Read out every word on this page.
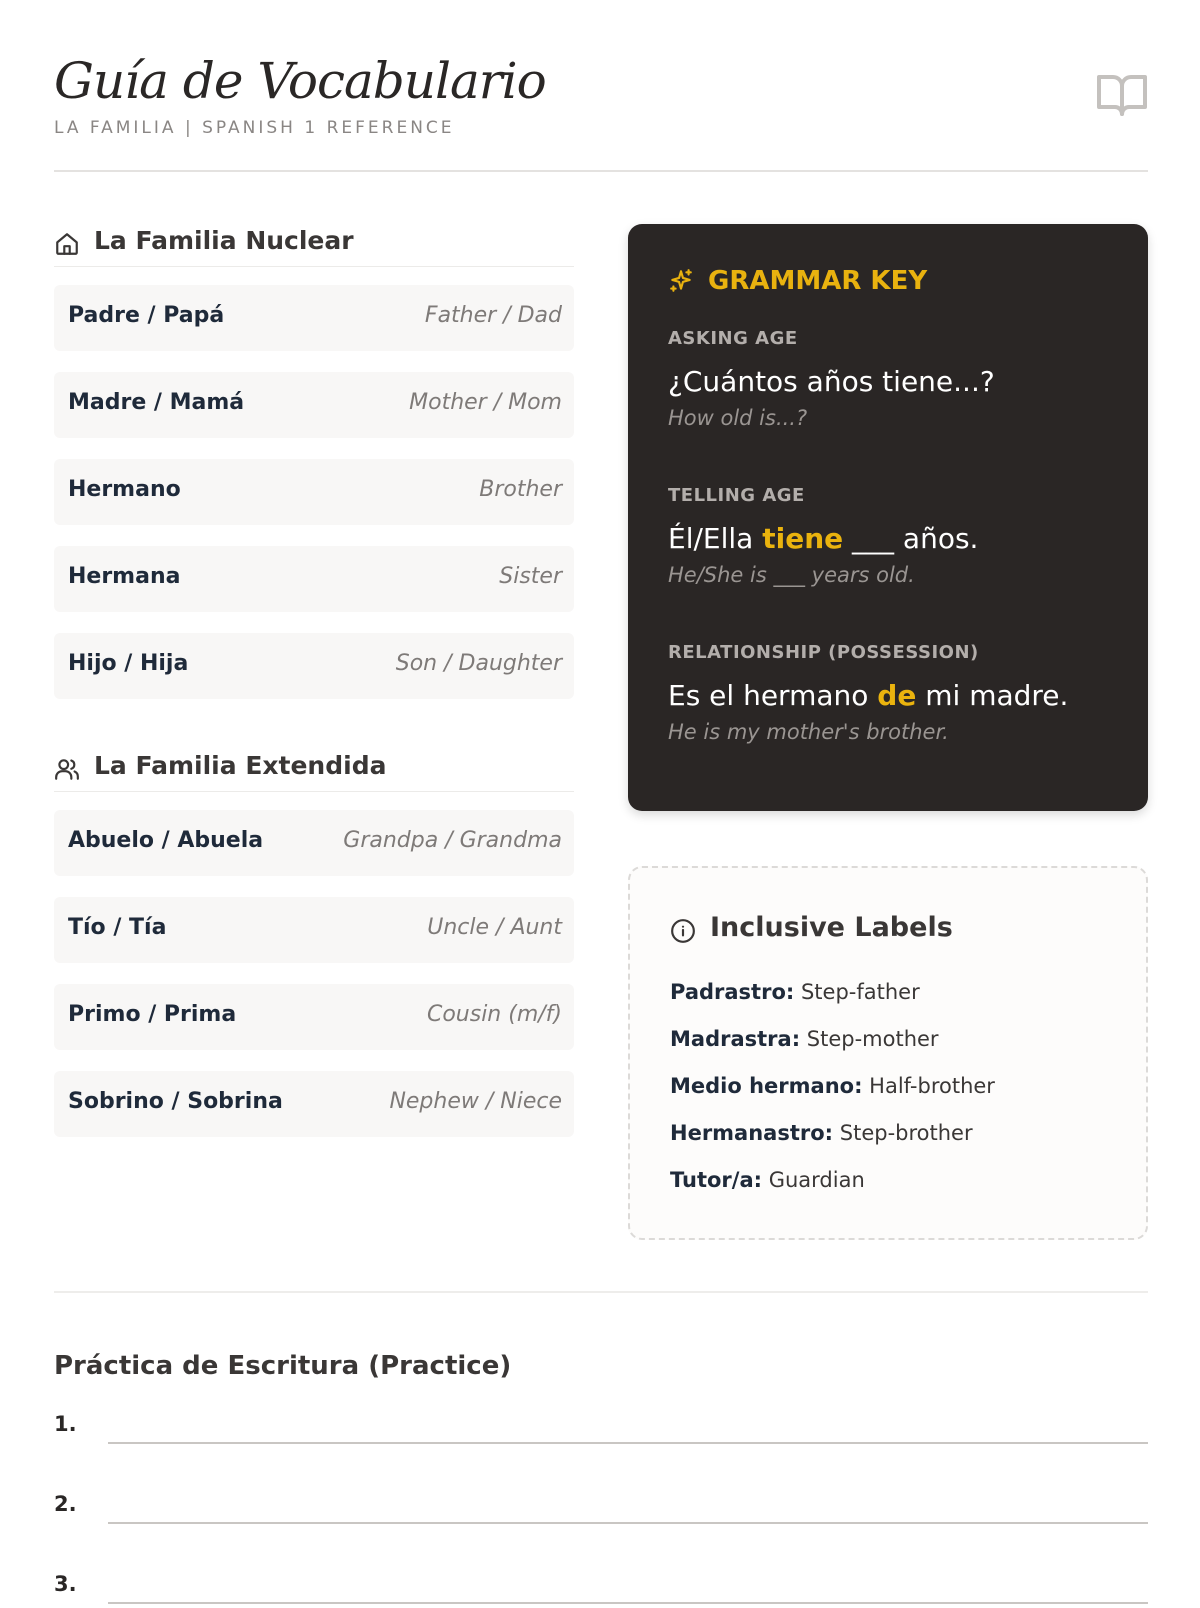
Guía de Vocabulario
LA FAMILIA | SPANISH 1 REFERENCE
La Familia Nuclear
Padre / Papá	Father / Dad
Madre / Mamá	Mother / Mom
Hermano	Brother
Hermana	Sister
Hijo / Hija	Son / Daughter
La Familia Extendida
Abuelo / Abuela	Grandpa / Grandma
Tío / Tía	Uncle / Aunt
Primo / Prima	Cousin (m/f)
Sobrino / Sobrina	Nephew / Niece
GRAMMAR KEY
ASKING AGE
¿Cuántos años tiene...?
How old is...?
TELLING AGE
Él/Ella tiene ___ años.
He/She is ___ years old.
RELATIONSHIP (POSSESSION)
Es el hermano de mi madre.
He is my mother's brother.
Inclusive Labels
Padrastro: Step-father
Madrastra: Step-mother
Medio hermano: Half-brother
Hermanastro: Step-brother
Tutor/a: Guardian
Práctica de Escritura (Practice)
1.
2.
3.
